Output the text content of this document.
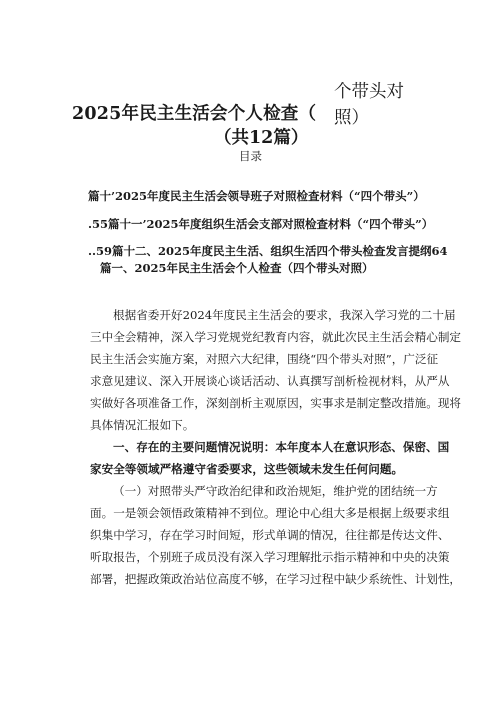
2025年民主生活会个人检查（
（共12篇）
个带头对
照）
目录
篇十’2025年度民主生活会领导班子对照检查材料（“四个带头”）
.55篇十一’2025年度组织生活会支部对照检查材料（“四个带头”）
..59篇十二、2025年度民主生活、组织生活四个带头检查发言提纲64
篇一、2025年民主生活会个人检查（四个带头对照）
根据省委开好2024年度民主生活会的要求，我深入学习党的二十届
三中全会精神，深入学习党规党纪教育内容，就此次民主生活会精心制定
民主生活会实施方案，对照六大纪律，围绕“四个带头对照”，广泛征
求意见建议、深入开展谈心谈话活动、认真撰写剖析检视材料，从严从
实做好各项准备工作，深刻剖析主观原因，实事求是制定整改措施。现将
具体情况汇报如下。
一、存在的主要问题情况说明：本年度本人在意识形态、保密、国
家安全等领域严格遵守省委要求，这些领域未发生任何问题。
（一）对照带头严守政治纪律和政治规矩，维护党的团结统一方
面。一是领会领悟政策精神不到位。理论中心组大多是根据上级要求组
织集中学习，存在学习时间短，形式单调的情况，往往都是传达文件、
听取报告，个别班子成员没有深入学习理解批示指示精神和中央的决策
部署，把握政策政治站位高度不够，在学习过程中缺少系统性、计划性，
